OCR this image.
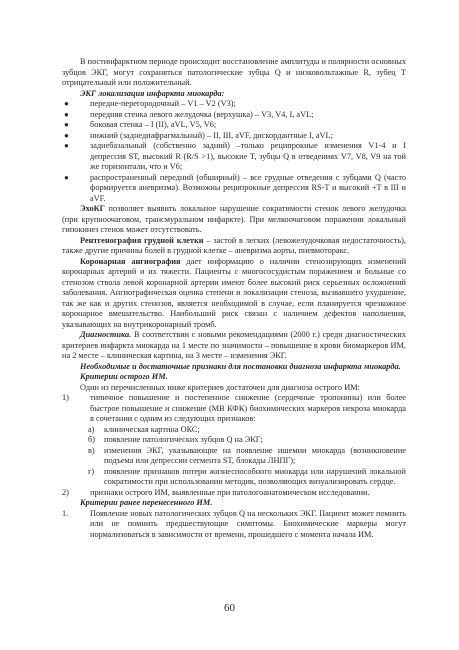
В постинфарктном периоде происходит восстановление амплитуды и полярности основных зубцов ЭКГ, могут сохраняться патологические зубцы Q и низковольтажные R, зубец T отрицательный или положительный.

ЭКГ локализация инфаркта миокарда:

●	передне-перегородочный – V1 – V2 (V3);
●	передняя стенка левого желудочка (верхушка) – V3, V4, I, aVL;
●	боковая стенка – I (II), aVL, V5, V6;
●	нижний (заднедиафрагмальный) – II, III, aVF, дискордантные I, aVL;
●	заднебазальный (собственно задний) –только реципрокные изменения V1-4 и I депрессия ST, высокий R (R/S >1), высокие T, зубцы Q в отведениях V7, V8, V9 на той же горизонтали, что и V6;
●	распространенный передний (обширный) – все грудные отведения с зубцами Q (часто формируется аневризма). Возможны реципрокные депрессия RS-T и высокий +T в III и aVF.

ЭхоКГ позволяет выявить локальное нарушение сократимости стенок левого желудочка (при крупноочаговом, трансмуральном инфаркте). При мелкоочаговом поражении локальный гипокинез стенок может отсутствовать.

Рентгенография грудной клетки – застой в легких (левожелудочковая недостаточность), также другие причины болей в грудной клетке – аневризма аорты, пневмоторакс.

Коронарная ангиография дает информацию о наличии стенозирующих изменений коронарных артерий и их тяжести. Пациенты с многососудистым поражением и больные со стенозом ствола левой коронарной артерии имеют более высокий риск серьезных осложнений заболевания. Ангиографическая оценка степени и локализации стеноза, вызвавшего ухудшение, так же как и других стенозов, является необходимой в случае, если планируется чрезкожное коронарное вмешательство. Наибольший риск связан с наличием дефектов наполнения, указывающих на внутрикоронарный тромб.

Диагностика. В соответствии с новыми рекомендациями (2000 г.) среди диагностических критериев инфаркта миокарда на 1 месте по значимости – повышение в крови биомаркеров ИМ, на 2 месте – клиническая картина, на 3 месте – изменения ЭКГ.

Необходимые и достаточные признаки для постановки диагноза инфаркта миокарда.

Критерии острого ИМ.

Один из перечисленных ниже критериев достаточен для диагноза острого ИМ:

1)	типичное повышение и постепенное снижение (сердечные тропонины) или более быстрое повышение и снижение (МВ КФК) биохимических маркеров некроза миокарда в сочетании с одним из следующих признаков:
а) клиническая картина ОКС;
б) появление патологических зубцов Q на ЭКГ;
в) изменения ЭКГ, указывающие на появление ишемии миокарда (возникновение подъема или депрессии сегмента ST, блокады ЛНПГ);
г) появление признаков потери жизнеспособного миокарда или нарушений локальной сократимости при использовании методик, позволяющих визуализировать сердце.
2)	признаки острого ИМ, выявленные при патологоанатомическом исследовании.

Критерии ранее перенесенного ИМ.

1.	Появление новых патологических зубцов Q на нескольких ЭКГ. Пациент может помнить или не помнить предшествующие симптомы. Биохимические маркеры могут нормализоваться в зависимости от времени, прошедшего с момента начала ИМ.
60
